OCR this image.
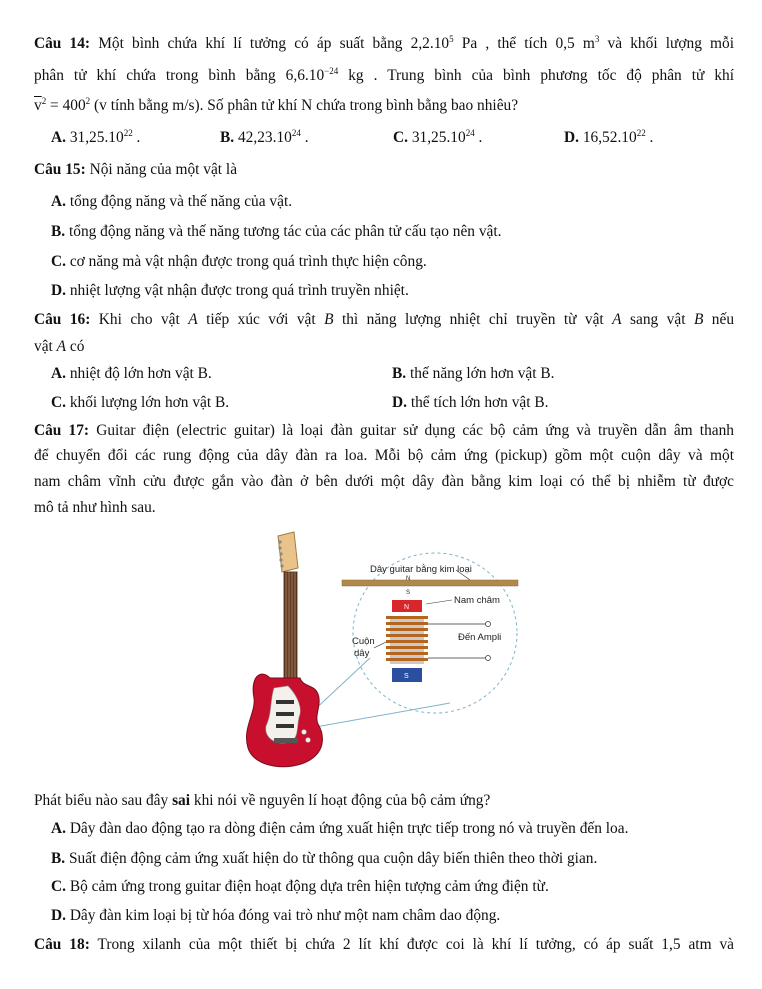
Câu 14: Một bình chứa khí lí tưởng có áp suất bằng 2,2.10$^5$ Pa , thể tích 0,5 $m^3$ và khối lượng mỗi
phân tử khí chứa trong bình bằng $6,6.10^{-24}$ kg . Trung bình của bình phương tốc độ phân tử khí
$\overline{v}^2 = 400^2$ (v tính bằng m/s). Số phân tử khí N chứa trong bình bằng bao nhiêu?
A. 31,25.10$^{22}$ .	B. 42,23.10$^{24}$ .	C. 31,25.10$^{24}$ .	D. 16,52.10$^{22}$ .
Câu 15: Nội năng của một vật là
A. tổng động năng và thế năng của vật.
B. tổng động năng và thế năng tương tác của các phân tử cấu tạo nên vật.
C. cơ năng mà vật nhận được trong quá trình thực hiện công.
D. nhiệt lượng vật nhận được trong quá trình truyền nhiệt.
Câu 16: Khi cho vật A tiếp xúc với vật B thì năng lượng nhiệt chỉ truyền từ vật A sang vật B nếu
vật A có
A. nhiệt độ lớn hơn vật B.	B. thế năng lớn hơn vật B.
C. khối lượng lớn hơn vật B.	D. thể tích lớn hơn vật B.
Câu 17: Guitar điện (electric guitar) là loại đàn guitar sử dụng các bộ cảm ứng và truyền dẫn âm thanh
để chuyển đổi các rung động của dây đàn ra loa. Mỗi bộ cảm ứng (pickup) gồm một cuộn dây và một
nam châm vĩnh cửu được gắn vào đàn ở bên dưới một dây đàn bằng kim loại có thể bị nhiễm từ được
mô tả như hình sau.
Dây guitar bằng kim loại
N
S
N
Nam châm
Cuộn
dây
Đến Ampli
S
Phát biểu nào sau đây sai khi nói về nguyên lí hoạt động của bộ cảm ứng?
A. Dây đàn dao động tạo ra dòng điện cảm ứng xuất hiện trực tiếp trong nó và truyền đến loa.
B. Suất điện động cảm ứng xuất hiện do từ thông qua cuộn dây biến thiên theo thời gian.
C. Bộ cảm ứng trong guitar điện hoạt động dựa trên hiện tượng cảm ứng điện từ.
D. Dây đàn kim loại bị từ hóa đóng vai trò như một nam châm dao động.
Câu 18: Trong xilanh của một thiết bị chứa 2 lít khí được coi là khí lí tưởng, có áp suất 1,5 atm và
